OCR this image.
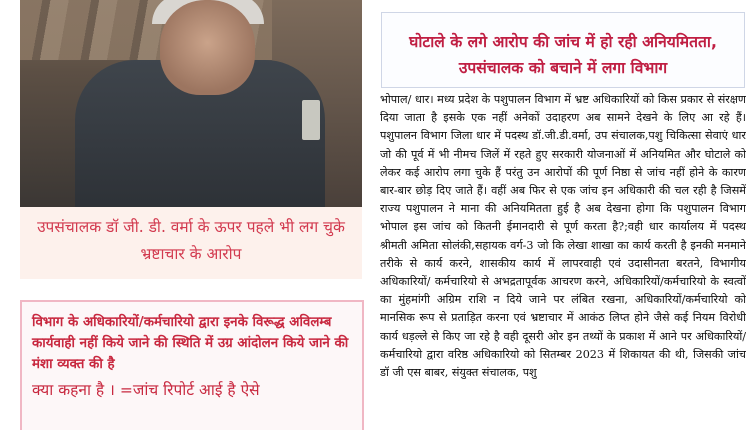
उपसंचालक डॉ जी. डी. वर्मा के ऊपर पहले भी लग चुके भ्रष्टाचार के आरोप

विभाग के अधिकारियों/कर्मचारियो द्वारा इनके विरूद्ध अविलम्ब कार्यवाही नहीं किये जाने की स्थिति में उग्र आंदोलन किये जाने की मंशा व्यक्त की है

क्या कहना है । =जांच रिपोर्ट आई है ऐसे

घोटाले के लगे आरोप की जांच में हो रही अनियमितता, उपसंचालक को बचाने में लगा विभाग

भोपाल/ धार। मध्य प्रदेश के पशुपालन विभाग में भ्रष्ट अधिकारियों को किस प्रकार से संरक्षण दिया जाता है इसके एक नहीं अनेकों उदाहरण अब सामने देखने के लिए आ रहे हैं। पशुपालन विभाग जिला धार में पदस्थ डॉ.जी.डी.वर्मा, उप संचालक,पशु चिकित्सा सेवाएं धार जो की पूर्व में भी नीमच जिलें में रहते हुए सरकारी योजनाओं में अनियमित और घोटाले को लेकर कई आरोप लगा चुके हैं परंतु उन आरोपों की पूर्ण निष्ठा से जांच नहीं होने के कारण बार-बार छोड़ दिए जाते हैं। वहीं अब फिर से एक जांच इन अधिकारी की चल रही है जिसमें राज्य पशुपालन ने माना की अनियमितता हुई है अब देखना होगा कि पशुपालन विभाग भोपाल इस जांच को कितनी ईमानदारी से पूर्ण करता है?;वही धार कार्यालय में पदस्थ श्रीमती अमिता सोलंकी,सहायक वर्ग-3 जो कि लेखा शाखा का कार्य करती है इनकी मनमाने तरीके से कार्य करने, शासकीय कार्य में लापरवाही एवं उदासीनता बरतने, विभागीय अधिकारियों/ कर्मचारियो से अभद्रतापूर्वक आचरण करने, अधिकारियों/कर्मचारियो के स्वत्वों का मुंहमांगी अग्रिम राशि न दिये जाने पर लंबित रखना, अधिकारियों/कर्मचारियो को मानसिक रूप से प्रताड़ित करना एवं भ्रष्टाचार में आकंठ लिप्त होने जैसे कई नियम विरोधी कार्य धड़ल्ले से किए जा रहे है वही दूसरी ओर इन तथ्यों के प्रकाश में आने पर अधिकारियों/कर्मचारियो द्वारा वरिष्ठ अधिकारियो को सितम्बर 2023 में शिकायत की थी, जिसकी जांच डॉ जी एस बाबर, संयुक्त संचालक, पशु
